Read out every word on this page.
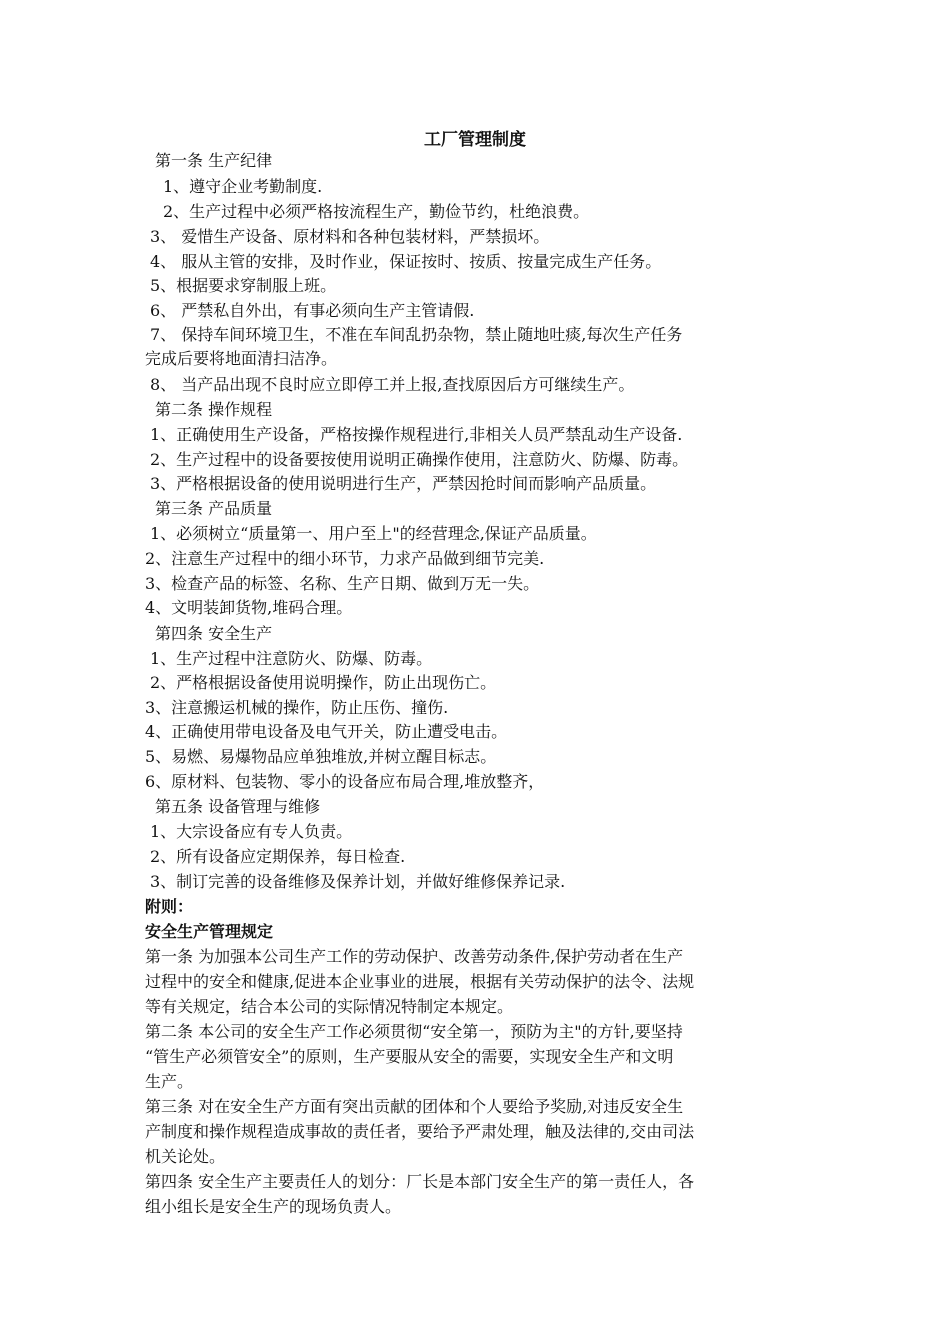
工厂管理制度
第一条 生产纪律
1、遵守企业考勤制度.
2、生产过程中必须严格按流程生产，勤俭节约，杜绝浪费。
3、 爱惜生产设备、原材料和各种包装材料，严禁损坏。
4、 服从主管的安排，及时作业，保证按时、按质、按量完成生产任务。
5、根据要求穿制服上班。
6、 严禁私自外出，有事必须向生产主管请假.
7、 保持车间环境卫生，不准在车间乱扔杂物，禁止随地吐痰,每次生产任务
完成后要将地面清扫洁净。
8、 当产品出现不良时应立即停工并上报,查找原因后方可继续生产。
第二条 操作规程
1、正确使用生产设备，严格按操作规程进行,非相关人员严禁乱动生产设备.
2、生产过程中的设备要按使用说明正确操作使用，注意防火、防爆、防毒。
3、严格根据设备的使用说明进行生产，严禁因抢时间而影响产品质量。
第三条 产品质量
1、必须树立“质量第一、用户至上"的经营理念,保证产品质量。
2、注意生产过程中的细小环节，力求产品做到细节完美.
3、检查产品的标签、名称、生产日期、做到万无一失。
4、文明装卸货物,堆码合理。
第四条 安全生产
1、生产过程中注意防火、防爆、防毒。
2、严格根据设备使用说明操作，防止出现伤亡。
3、注意搬运机械的操作，防止压伤、撞伤.
4、正确使用带电设备及电气开关，防止遭受电击。
5、易燃、易爆物品应单独堆放,并树立醒目标志。
6、原材料、包装物、零小的设备应布局合理,堆放整齐，
第五条 设备管理与维修
1、大宗设备应有专人负责。
2、所有设备应定期保养，每日检查.
3、制订完善的设备维修及保养计划，并做好维修保养记录.
附则：
安全生产管理规定
第一条 为加强本公司生产工作的劳动保护、改善劳动条件,保护劳动者在生产
过程中的安全和健康,促进本企业事业的进展，根据有关劳动保护的法令、法规
等有关规定，结合本公司的实际情况特制定本规定。
第二条 本公司的安全生产工作必须贯彻“安全第一，预防为主"的方针,要坚持
“管生产必须管安全”的原则，生产要服从安全的需要，实现安全生产和文明
生产。
第三条 对在安全生产方面有突出贡献的团体和个人要给予奖励,对违反安全生
产制度和操作规程造成事故的责任者，要给予严肃处理，触及法律的,交由司法
机关论处。
第四条 安全生产主要责任人的划分：厂长是本部门安全生产的第一责任人，各
组小组长是安全生产的现场负责人。
